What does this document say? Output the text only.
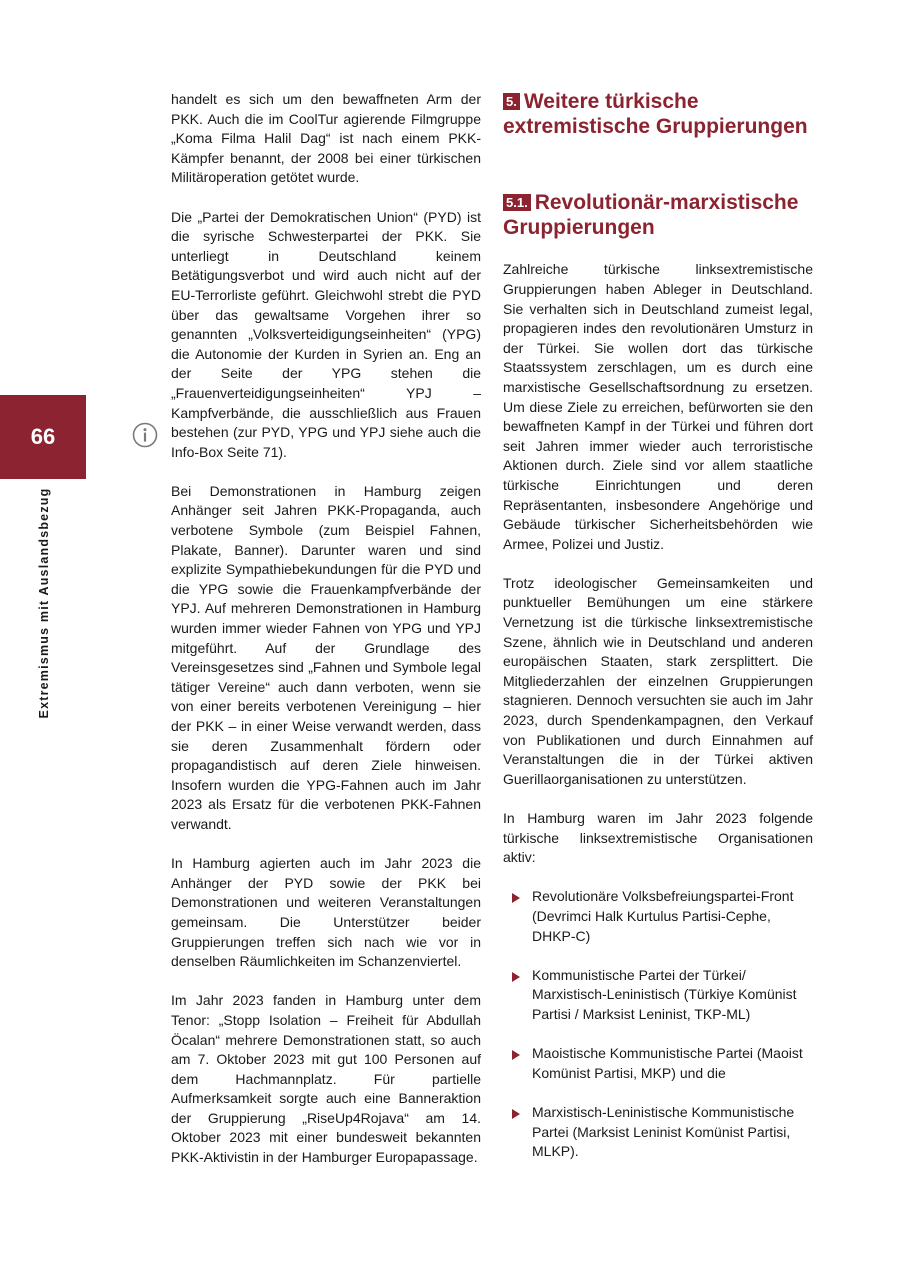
66
Extremismus mit Auslandsbezug

handelt es sich um den bewaffneten Arm der PKK. Auch die im CoolTur agierende Filmgruppe „Koma Filma Halil Dag“ ist nach einem PKK-Kämpfer benannt, der 2008 bei einer türkischen Militäroperation getötet wurde.

Die „Partei der Demokratischen Union“ (PYD) ist die syrische Schwesterpartei der PKK. Sie unterliegt in Deutschland keinem Betätigungsverbot und wird auch nicht auf der EU-Terrorliste geführt. Gleichwohl strebt die PYD über das gewaltsame Vorgehen ihrer so genannten „Volksverteidigungseinheiten“ (YPG) die Autonomie der Kurden in Syrien an. Eng an der Seite der YPG stehen die „Frauenverteidigungseinheiten“ YPJ – Kampfverbände, die ausschließlich aus Frauen bestehen (zur PYD, YPG und YPJ siehe auch die Info-Box Seite 71).

Bei Demonstrationen in Hamburg zeigen Anhänger seit Jahren PKK-Propaganda, auch verbotene Symbole (zum Beispiel Fahnen, Plakate, Banner). Darunter waren und sind explizite Sympathiebekundungen für die PYD und die YPG sowie die Frauenkampfverbände der YPJ. Auf mehreren Demonstrationen in Hamburg wurden immer wieder Fahnen von YPG und YPJ mitgeführt. Auf der Grundlage des Vereinsgesetzes sind „Fahnen und Symbole legal tätiger Vereine“ auch dann verboten, wenn sie von einer bereits verbotenen Vereinigung – hier der PKK – in einer Weise verwandt werden, dass sie deren Zusammenhalt fördern oder propagandistisch auf deren Ziele hinweisen. Insofern wurden die YPG-Fahnen auch im Jahr 2023 als Ersatz für die verbotenen PKK-Fahnen verwandt.

In Hamburg agierten auch im Jahr 2023 die Anhänger der PYD sowie der PKK bei Demonstrationen und weiteren Veranstaltungen gemeinsam. Die Unterstützer beider Gruppierungen treffen sich nach wie vor in denselben Räumlichkeiten im Schanzenviertel.

Im Jahr 2023 fanden in Hamburg unter dem Tenor: „Stopp Isolation – Freiheit für Abdullah Öcalan“ mehrere Demonstrationen statt, so auch am 7. Oktober 2023 mit gut 100 Personen auf dem Hachmannplatz. Für partielle Aufmerksamkeit sorgte auch eine Banneraktion der Gruppierung „RiseUp4Rojava“ am 14. Oktober 2023 mit einer bundesweit bekannten PKK-Aktivistin in der Hamburger Europapassage.

5. Weitere türkische extremistische Gruppierungen
5.1. Revolutionär-marxistische Gruppierungen

Zahlreiche türkische linksextremistische Gruppierungen haben Ableger in Deutschland. Sie verhalten sich in Deutschland zumeist legal, propagieren indes den revolutionären Umsturz in der Türkei. Sie wollen dort das türkische Staatssystem zerschlagen, um es durch eine marxistische Gesellschaftsordnung zu ersetzen. Um diese Ziele zu erreichen, befürworten sie den bewaffneten Kampf in der Türkei und führen dort seit Jahren immer wieder auch terroristische Aktionen durch. Ziele sind vor allem staatliche türkische Einrichtungen und deren Repräsentanten, insbesondere Angehörige und Gebäude türkischer Sicherheitsbehörden wie Armee, Polizei und Justiz.

Trotz ideologischer Gemeinsamkeiten und punktueller Bemühungen um eine stärkere Vernetzung ist die türkische linksextremistische Szene, ähnlich wie in Deutschland und anderen europäischen Staaten, stark zersplittert. Die Mitgliederzahlen der einzelnen Gruppierungen stagnieren. Dennoch versuchten sie auch im Jahr 2023, durch Spendenkampagnen, den Verkauf von Publikationen und durch Einnahmen auf Veranstaltungen die in der Türkei aktiven Guerillaorganisationen zu unterstützen.

In Hamburg waren im Jahr 2023 folgende türkische linksextremistische Organisationen aktiv:

Revolutionäre Volksbefreiungspartei-Front (Devrimci Halk Kurtulus Partisi-Cephe, DHKP-C)
Kommunistische Partei der Türkei/ Marxistisch-Leninistisch (Türkiye Komünist Partisi / Marksist Leninist, TKP-ML)
Maoistische Kommunistische Partei (Maoist Komünist Partisi, MKP) und die
Marxistisch-Leninistische Kommunistische Partei (Marksist Leninist Komünist Partisi, MLKP).
